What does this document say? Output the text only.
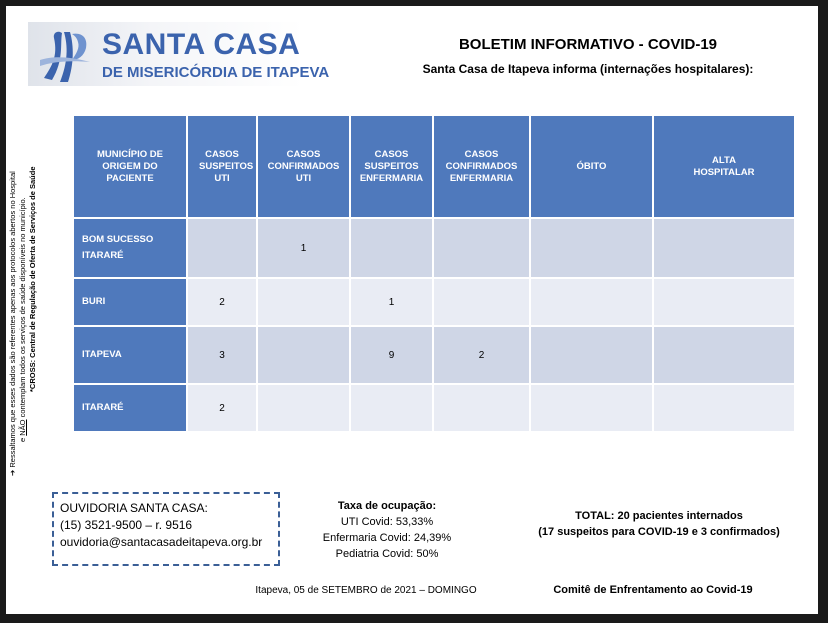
SANTA CASA
DE MISERICÓRDIA DE ITAPEVA
BOLETIM INFORMATIVO - COVID-19
Santa Casa de Itapeva informa (internações hospitalares):
➔ Ressaltamos que esses dados são referentes apenas aos protocolos abertos no Hospital e NÃO contemplam todos os serviços de saúde disponíveis no município. *CROSS: Central de Regulação de Oferta de Serviços de Saúde
MUNICÍPIO DE ORIGEM DO PACIENTE	CASOS SUSPEITOS UTI	CASOS CONFIRMADOS UTI	CASOS SUSPEITOS ENFERMARIA	CASOS CONFIRMADOS ENFERMARIA	ÓBITO	ALTA HOSPITALAR

BOM SUCESSO ITARARÉ		1				
BURI	2		1			
ITAPEVA	3		9	2		
ITARARÉ	2					
OUVIDORIA SANTA CASA:
(15) 3521-9500 – r. 9516
ouvidoria@santacasadeitapeva.org.br
Taxa de ocupação:
UTI Covid: 53,33%
Enfermaria Covid: 24,39%
Pediatria Covid: 50%
TOTAL: 20 pacientes internados
(17 suspeitos para COVID-19 e 3 confirmados)
Itapeva, 05 de SETEMBRO de 2021 – DOMINGO	Comitê de Enfrentamento ao Covid-19
